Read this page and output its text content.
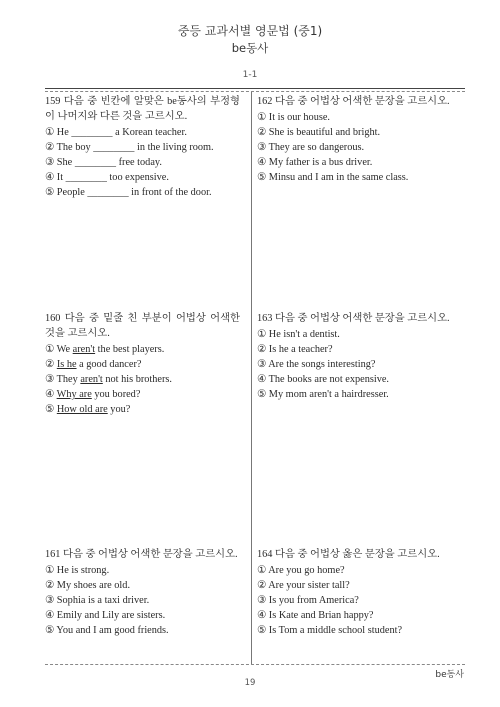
중등 교과서별 영문법 (중1)
be동사
1-1
159 다음 중 빈칸에 알맞은 be동사의 부정형이 나머지와 다른 것을 고르시오.
① He ________ a Korean teacher.
② The boy ________ in the living room.
③ She ________ free today.
④ It ________ too expensive.
⑤ People ________ in front of the door.
162 다음 중 어법상 어색한 문장을 고르시오.
① It is our house.
② She is beautiful and bright.
③ They are so dangerous.
④ My father is a bus driver.
⑤ Minsu and I am in the same class.
160 다음 중 밑줄 친 부분이 어법상 어색한 것을 고르시오.
① We aren't the best players.
② Is he a good dancer?
③ They aren't not his brothers.
④ Why are you bored?
⑤ How old are you?
163 다음 중 어법상 어색한 문장을 고르시오.
① He isn't a dentist.
② Is he a teacher?
③ Are the songs interesting?
④ The books are not expensive.
⑤ My mom aren't a hairdresser.
161 다음 중 어법상 어색한 문장을 고르시오.
① He is strong.
② My shoes are old.
③ Sophia is a taxi driver.
④ Emily and Lily are sisters.
⑤ You and I am good friends.
164 다음 중 어법상 옳은 문장을 고르시오.
① Are you go home?
② Are your sister tall?
③ Is you from America?
④ Is Kate and Brian happy?
⑤ Is Tom a middle school student?
be동사
19
